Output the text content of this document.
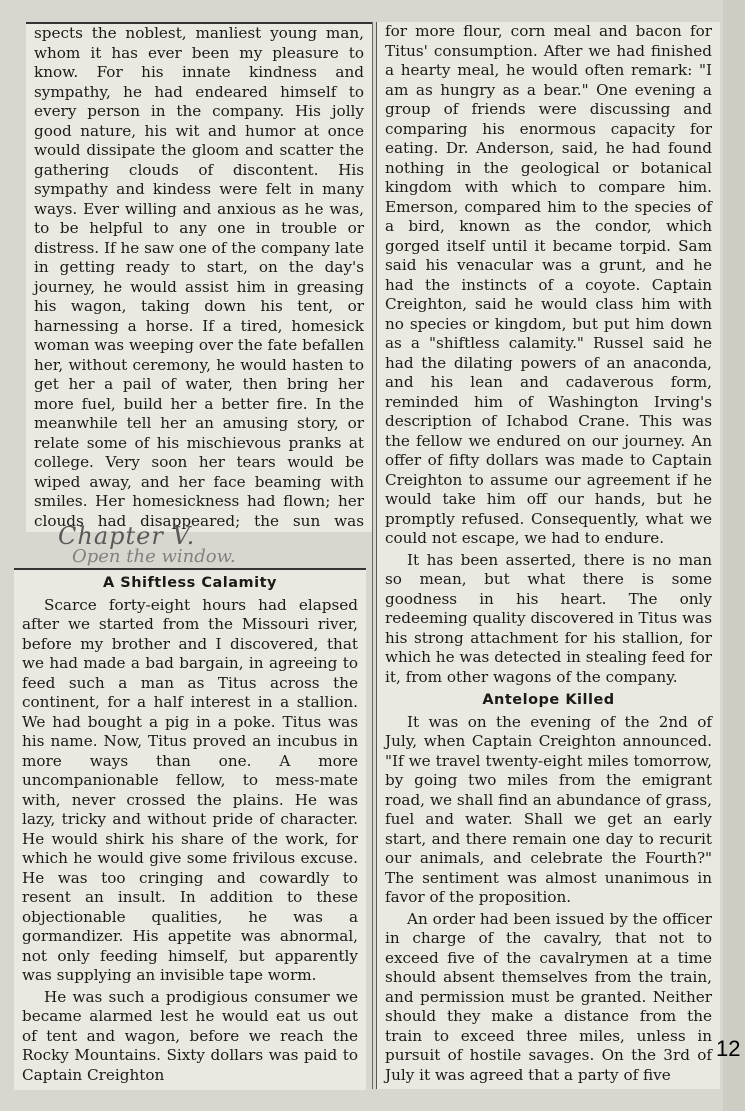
spects the noblest, manliest young man, whom it has ever been my pleasure to know. For his innate kindness and sympathy, he had endeared himself to every person in the company. His jolly good nature, his wit and humor at once would dissipate the gloom and scatter the gathering clouds of discontent. His sympathy and kindess were felt in many ways. Ever willing and anxious as he was, to be helpful to any one in trouble or distress. If he saw one of the company late in getting ready to start, on the day's journey, he would assist him in greasing his wagon, taking down his tent, or harnessing a horse. If a tired, homesick woman was weeping over the fate befallen her, without ceremony, he would hasten to get her a pail of water, then bring her more fuel, build her a better fire. In the meanwhile tell her an amusing story, or relate some of his mischievous pranks at college. Very soon her tears would be wiped away, and her face beaming with smiles. Her homesickness had flown; her clouds had disappeared; the sun was

Chapter V.
Open the window.
A Shiftless Calamity

Scarce forty-eight hours had elapsed after we started from the Missouri river, before my brother and I discovered, that we had made a bad bargain, in agreeing to feed such a man as Titus across the continent, for a half interest in a stallion. We had bought a pig in a poke. Titus was his name. Now, Titus proved an incubus in more ways than one. A more uncompanionable fellow, to mess-mate with, never crossed the plains. He was lazy, tricky and without pride of character. He would shirk his share of the work, for which he would give some frivilous excuse. He was too cringing and cowardly to resent an insult. In addition to these objectionable qualities, he was a gormandizer. His appetite was abnormal, not only feeding himself, but apparently was supplying an invisible tape worm.

He was such a prodigious consumer we became alarmed lest he would eat us out of tent and wagon, before we reach the Rocky Mountains. Sixty dollars was paid to Captain Creighton

for more flour, corn meal and bacon for Titus' consumption. After we had finished a hearty meal, he would often remark: "I am as hungry as a bear." One evening a group of friends were discussing and comparing his enormous capacity for eating. Dr. Anderson, said, he had found nothing in the geological or botanical kingdom with which to compare him. Emerson, compared him to the species of a bird, known as the condor, which gorged itself until it became torpid. Sam said his venacular was a grunt, and he had the instincts of a coyote. Captain Creighton, said he would class him with no species or kingdom, but put him down as a "shiftless calamity." Russel said he had the dilating powers of an anaconda, and his lean and cadaverous form, reminded him of Washington Irving's description of Ichabod Crane. This was the fellow we endured on our journey. An offer of fifty dollars was made to Captain Creighton to assume our agreement if he would take him off our hands, but he promptly refused. Consequently, what we could not escape, we had to endure.

It has been asserted, there is no man so mean, but what there is some goodness in his heart. The only redeeming quality discovered in Titus was his strong attachment for his stallion, for which he was detected in stealing feed for it, from other wagons of the company.

Antelope Killed

It was on the evening of the 2nd of July, when Captain Creighton announced. "If we travel twenty-eight miles tomorrow, by going two miles from the emigrant road, we shall find an abundance of grass, fuel and water. Shall we get an early start, and there remain one day to recurit our animals, and celebrate the Fourth?" The sentiment was almost unanimous in favor of the proposition.

An order had been issued by the officer in charge of the cavalry, that not to exceed five of the cavalrymen at a time should absent themselves from the train, and permission must be granted. Neither should they make a distance from the train to exceed three miles, unless in pursuit of hostile savages. On the 3rd of July it was agreed that a party of five

12
